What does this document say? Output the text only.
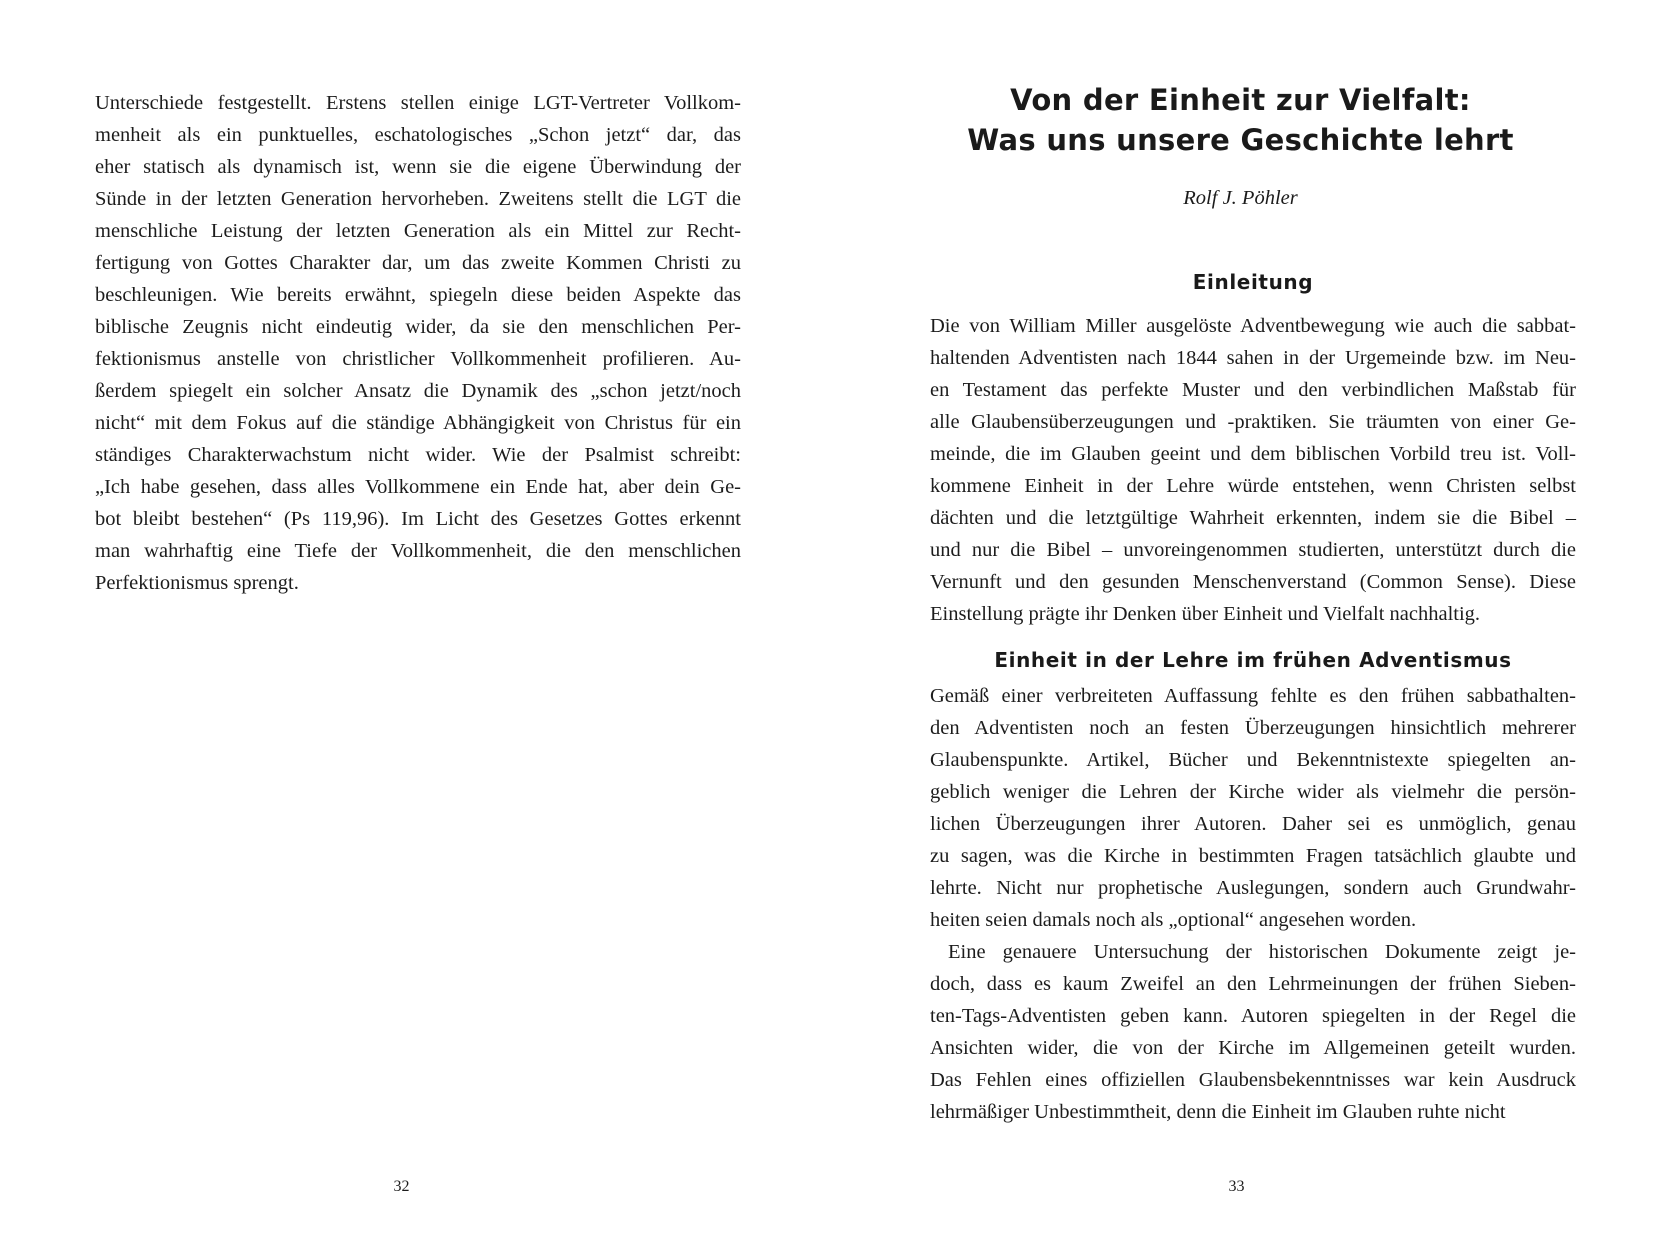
Unterschiede festgestellt. Erstens stellen einige LGT-Vertreter Vollkom-
menheit als ein punktuelles, eschatologisches „Schon jetzt“ dar, das
eher statisch als dynamisch ist, wenn sie die eigene Überwindung der
Sünde in der letzten Generation hervorheben. Zweitens stellt die LGT die
menschliche Leistung der letzten Generation als ein Mittel zur Recht-
fertigung von Gottes Charakter dar, um das zweite Kommen Christi zu
beschleunigen. Wie bereits erwähnt, spiegeln diese beiden Aspekte das
biblische Zeugnis nicht eindeutig wider, da sie den menschlichen Per-
fektionismus anstelle von christlicher Vollkommenheit profilieren. Au-
ßerdem spiegelt ein solcher Ansatz die Dynamik des „schon jetzt/noch
nicht“ mit dem Fokus auf die ständige Abhängigkeit von Christus für ein
ständiges Charakterwachstum nicht wider. Wie der Psalmist schreibt:
„Ich habe gesehen, dass alles Vollkommene ein Ende hat, aber dein Ge-
bot bleibt bestehen“ (Ps 119,96). Im Licht des Gesetzes Gottes erkennt
man wahrhaftig eine Tiefe der Vollkommenheit, die den menschlichen
Perfektionismus sprengt.
32
Von der Einheit zur Vielfalt:
Was uns unsere Geschichte lehrt
Rolf J. Pöhler
Einleitung
Die von William Miller ausgelöste Adventbewegung wie auch die sabbat-
haltenden Adventisten nach 1844 sahen in der Urgemeinde bzw. im Neu-
en Testament das perfekte Muster und den verbindlichen Maßstab für
alle Glaubensüberzeugungen und -praktiken. Sie träumten von einer Ge-
meinde, die im Glauben geeint und dem biblischen Vorbild treu ist. Voll-
kommene Einheit in der Lehre würde entstehen, wenn Christen selbst
dächten und die letztgültige Wahrheit erkennten, indem sie die Bibel –
und nur die Bibel – unvoreingenommen studierten, unterstützt durch die
Vernunft und den gesunden Menschenverstand (Common Sense). Diese
Einstellung prägte ihr Denken über Einheit und Vielfalt nachhaltig.
Einheit in der Lehre im frühen Adventismus
Gemäß einer verbreiteten Auffassung fehlte es den frühen sabbathalten-
den Adventisten noch an festen Überzeugungen hinsichtlich mehrerer
Glaubenspunkte. Artikel, Bücher und Bekenntnistexte spiegelten an-
geblich weniger die Lehren der Kirche wider als vielmehr die persön-
lichen Überzeugungen ihrer Autoren. Daher sei es unmöglich, genau
zu sagen, was die Kirche in bestimmten Fragen tatsächlich glaubte und
lehrte. Nicht nur prophetische Auslegungen, sondern auch Grundwahr-
heiten seien damals noch als „optional“ angesehen worden.
Eine genauere Untersuchung der historischen Dokumente zeigt je-
doch, dass es kaum Zweifel an den Lehrmeinungen der frühen Sieben-
ten-Tags-Adventisten geben kann. Autoren spiegelten in der Regel die
Ansichten wider, die von der Kirche im Allgemeinen geteilt wurden.
Das Fehlen eines offiziellen Glaubensbekenntnisses war kein Ausdruck
lehrmäßiger Unbestimmtheit, denn die Einheit im Glauben ruhte nicht
33
